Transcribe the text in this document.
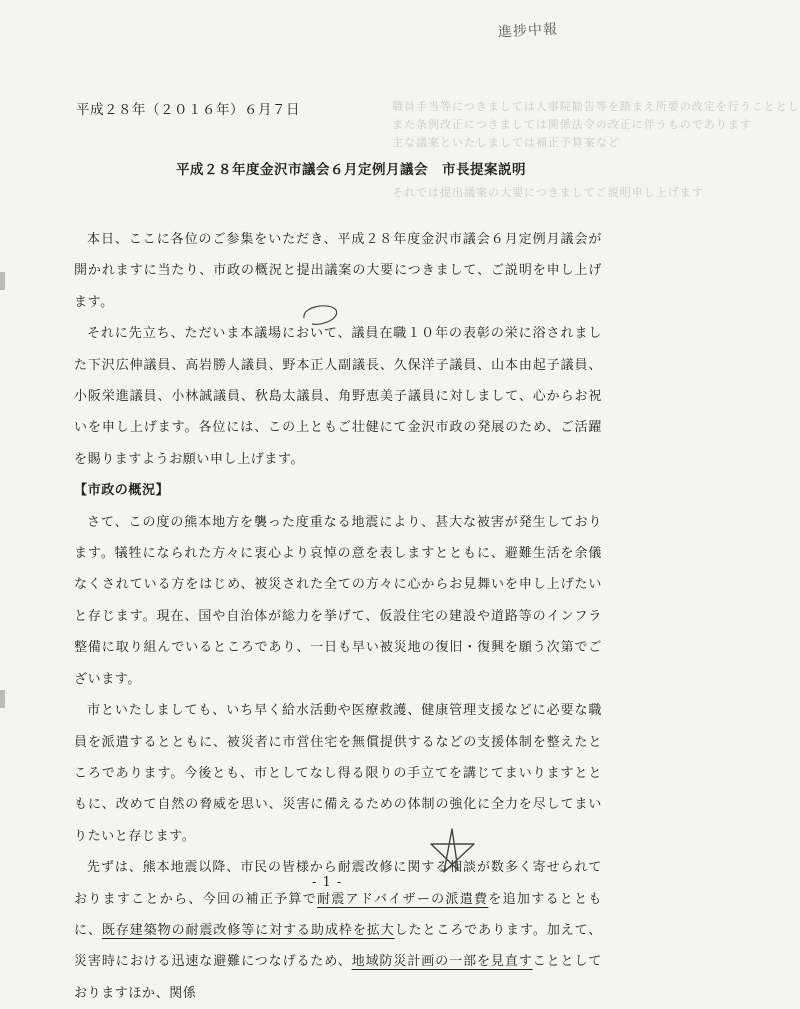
職員手当等につきましては人事院勧告等を踏まえ所要の改定を行うこととし
また条例改正につきましては関係法令の改正に伴うものであります
主な議案といたしましては補正予算案など
それでは提出議案の大要につきましてご説明申し上げます
進捗中報
平成２８年（２０１６年）６月７日
平成２８年度金沢市議会６月定例月議会　市長提案説明

本日、ここに各位のご参集をいただき、平成２８年度金沢市議会６月定例月議会が開かれますに当たり、市政の概況と提出議案の大要につきまして、ご説明を申し上げます。

それに先立ち、ただいま本議場において、議員在職１０年の表彰の栄に浴されました下沢広伸議員、高岩勝人議員、野本正人副議長、久保洋子議員、山本由起子議員、小阪栄進議員、小林誠議員、秋島太議員、角野恵美子議員に対しまして、心からお祝いを申し上げます。各位には、この上ともご壮健にて金沢市政の発展のため、ご活躍を賜りますようお願い申し上げます。

【市政の概況】

さて、この度の熊本地方を襲った度重なる地震により、甚大な被害が発生しております。犠牲になられた方々に衷心より哀悼の意を表しますとともに、避難生活を余儀なくされている方をはじめ、被災された全ての方々に心からお見舞いを申し上げたいと存じます。現在、国や自治体が総力を挙げて、仮設住宅の建設や道路等のインフラ整備に取り組んでいるところであり、一日も早い被災地の復旧・復興を願う次第でございます。

市といたしましても、いち早く給水活動や医療救護、健康管理支援などに必要な職員を派遣するとともに、被災者に市営住宅を無償提供するなどの支援体制を整えたところであります。今後とも、市としてなし得る限りの手立てを講じてまいりますとともに、改めて自然の脅威を思い、災害に備えるための体制の強化に全力を尽してまいりたいと存じます。

先ずは、熊本地震以降、市民の皆様から耐震改修に関する相談が数多く寄せられておりますことから、今回の補正予算で耐震アドバイザーの派遣費を追加するとともに、既存建築物の耐震改修等に対する助成枠を拡大したところであります。加えて、災害時における迅速な避難につなげるため、地域防災計画の一部を見直すこととしておりますほか、関係

- 1 -
